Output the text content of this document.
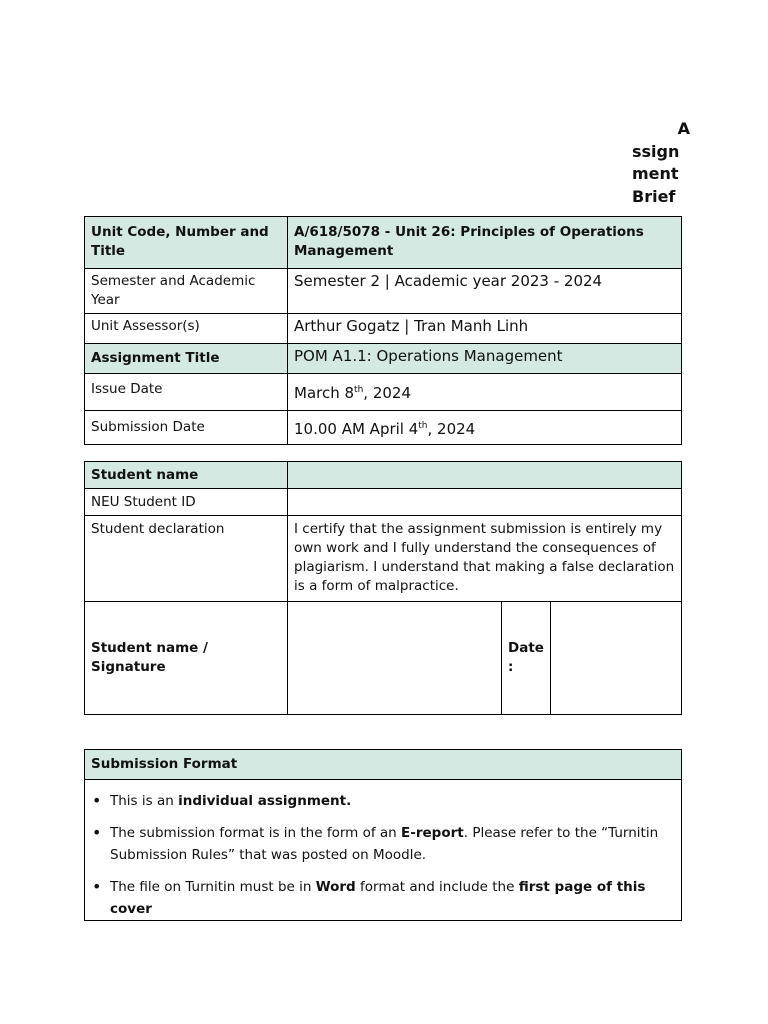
A
ssign
ment
Brief
Unit Code, Number and Title	A/618/5078 - Unit 26: Principles of Operations Management
Semester and Academic Year	Semester 2 | Academic year 2023 - 2024
Unit Assessor(s)	Arthur Gogatz | Tran Manh Linh
Assignment Title	POM A1.1: Operations Management
Issue Date	March 8th, 2024
Submission Date	10.00 AM April 4th, 2024
Student name			
NEU Student ID			
Student declaration	I certify that the assignment submission is entirely my own work and I fully understand the consequences of plagiarism. I understand that making a false declaration is a form of malpractice.		
Student name / Signature		Date :	
Submission Format

• This is an individual assignment.
• The submission format is in the form of an E-report. Please refer to the “Turnitin Submission Rules” that was posted on Moodle.
• The file on Turnitin must be in Word format and include the first page of this cover
